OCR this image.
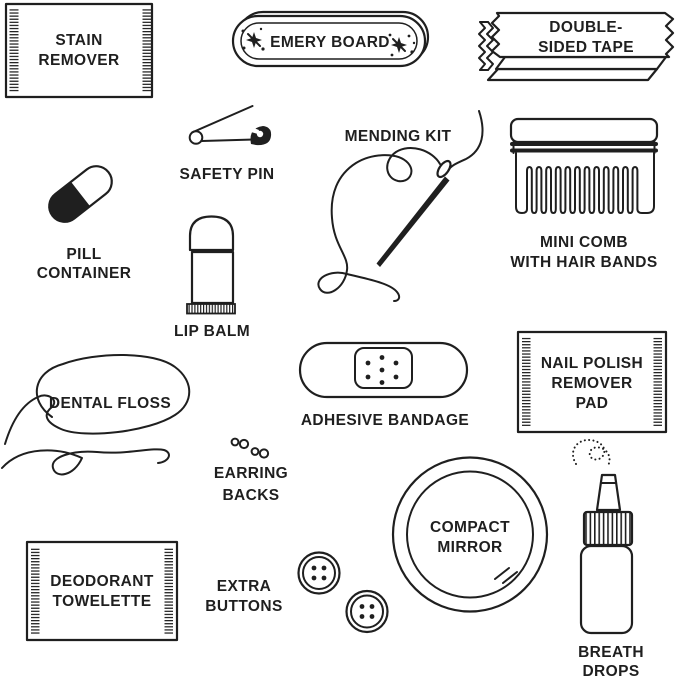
STAIN
REMOVER
EMERY BOARD
DOUBLE-
SIDED TAPE
SAFETY PIN
MENDING KIT
PILL
CONTAINER
MINI COMB
WITH HAIR BANDS
LIP BALM
DENTAL FLOSS
ADHESIVE BANDAGE
NAIL POLISH
REMOVER
PAD
EARRING
BACKS
DEODORANT
TOWELETTE
EXTRA
BUTTONS
COMPACT
MIRROR
BREATH
DROPS
